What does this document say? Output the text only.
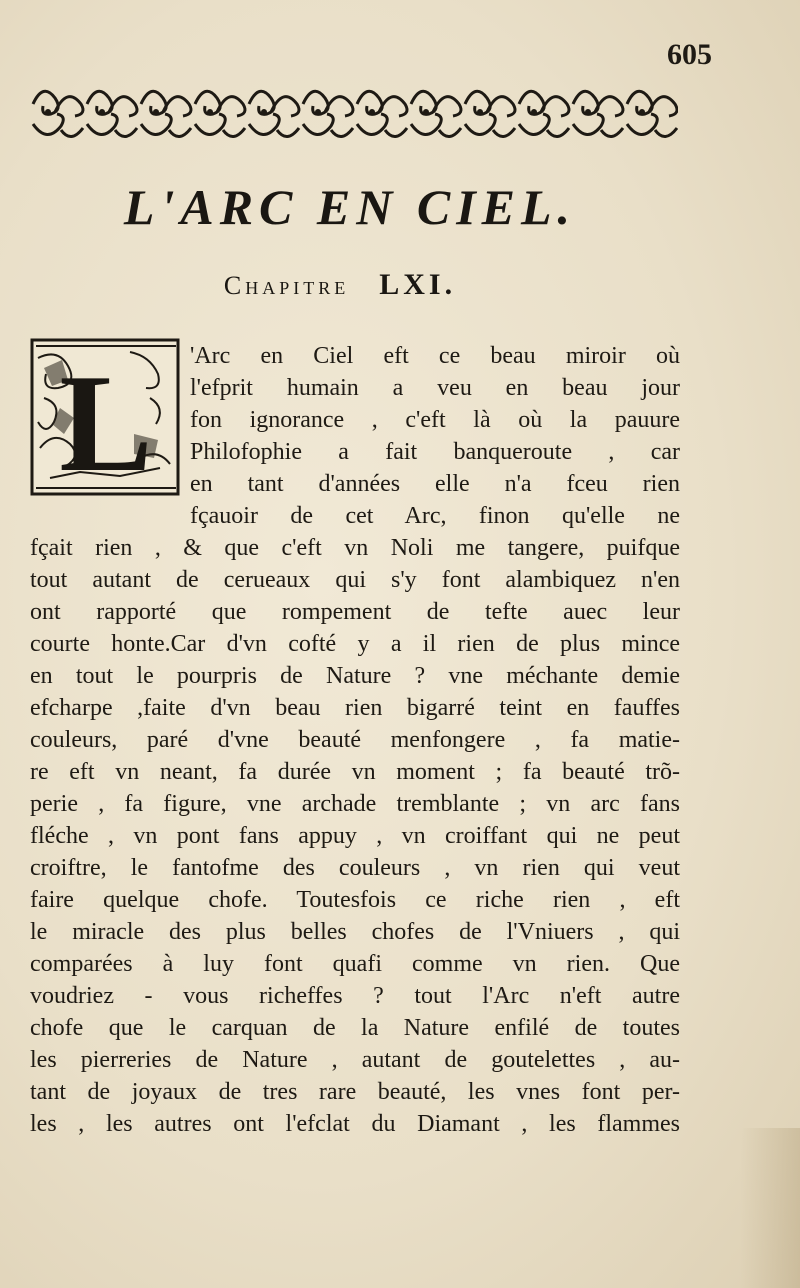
605
L'ARC EN CIEL.
Chapitre LXI.
L 'Arc en Ciel eft ce beau miroir où
l'efprit humain a veu en beau jour
fon ignorance , c'eft là où la pauure
Philofophie a fait banqueroute , car
en tant d'années elle n'a fceu rien
fçauoir de cet Arc, finon qu'elle ne
fçait rien , & que c'eft vn Noli me tangere, puifque
tout autant de cerueaux qui s'y font alambiquez n'en
ont rapporté que rompement de tefte auec leur
courte honte.Car d'vn cofté y a il rien de plus mince
en tout le pourpris de Nature ? vne méchante demie
efcharpe ,faite d'vn beau rien bigarré teint en fauffes
couleurs, paré d'vne beauté menfongere , fa matie-
re eft vn neant, fa durée vn moment ; fa beauté trõ-
perie , fa figure, vne archade tremblante ; vn arc fans
fléche , vn pont fans appuy , vn croiffant qui ne peut
croiftre, le fantofme des couleurs , vn rien qui veut
faire quelque chofe. Toutesfois ce riche rien , eft
le miracle des plus belles chofes de l'Vniuers , qui
comparées à luy font quafi comme vn rien. Que
voudriez - vous richeffes ? tout l'Arc n'eft autre
chofe que le carquan de la Nature enfilé de toutes
les pierreries de Nature , autant de goutelettes , au-
tant de joyaux de tres rare beauté, les vnes font per-
les , les autres ont l'efclat du Diamant , les flammes
